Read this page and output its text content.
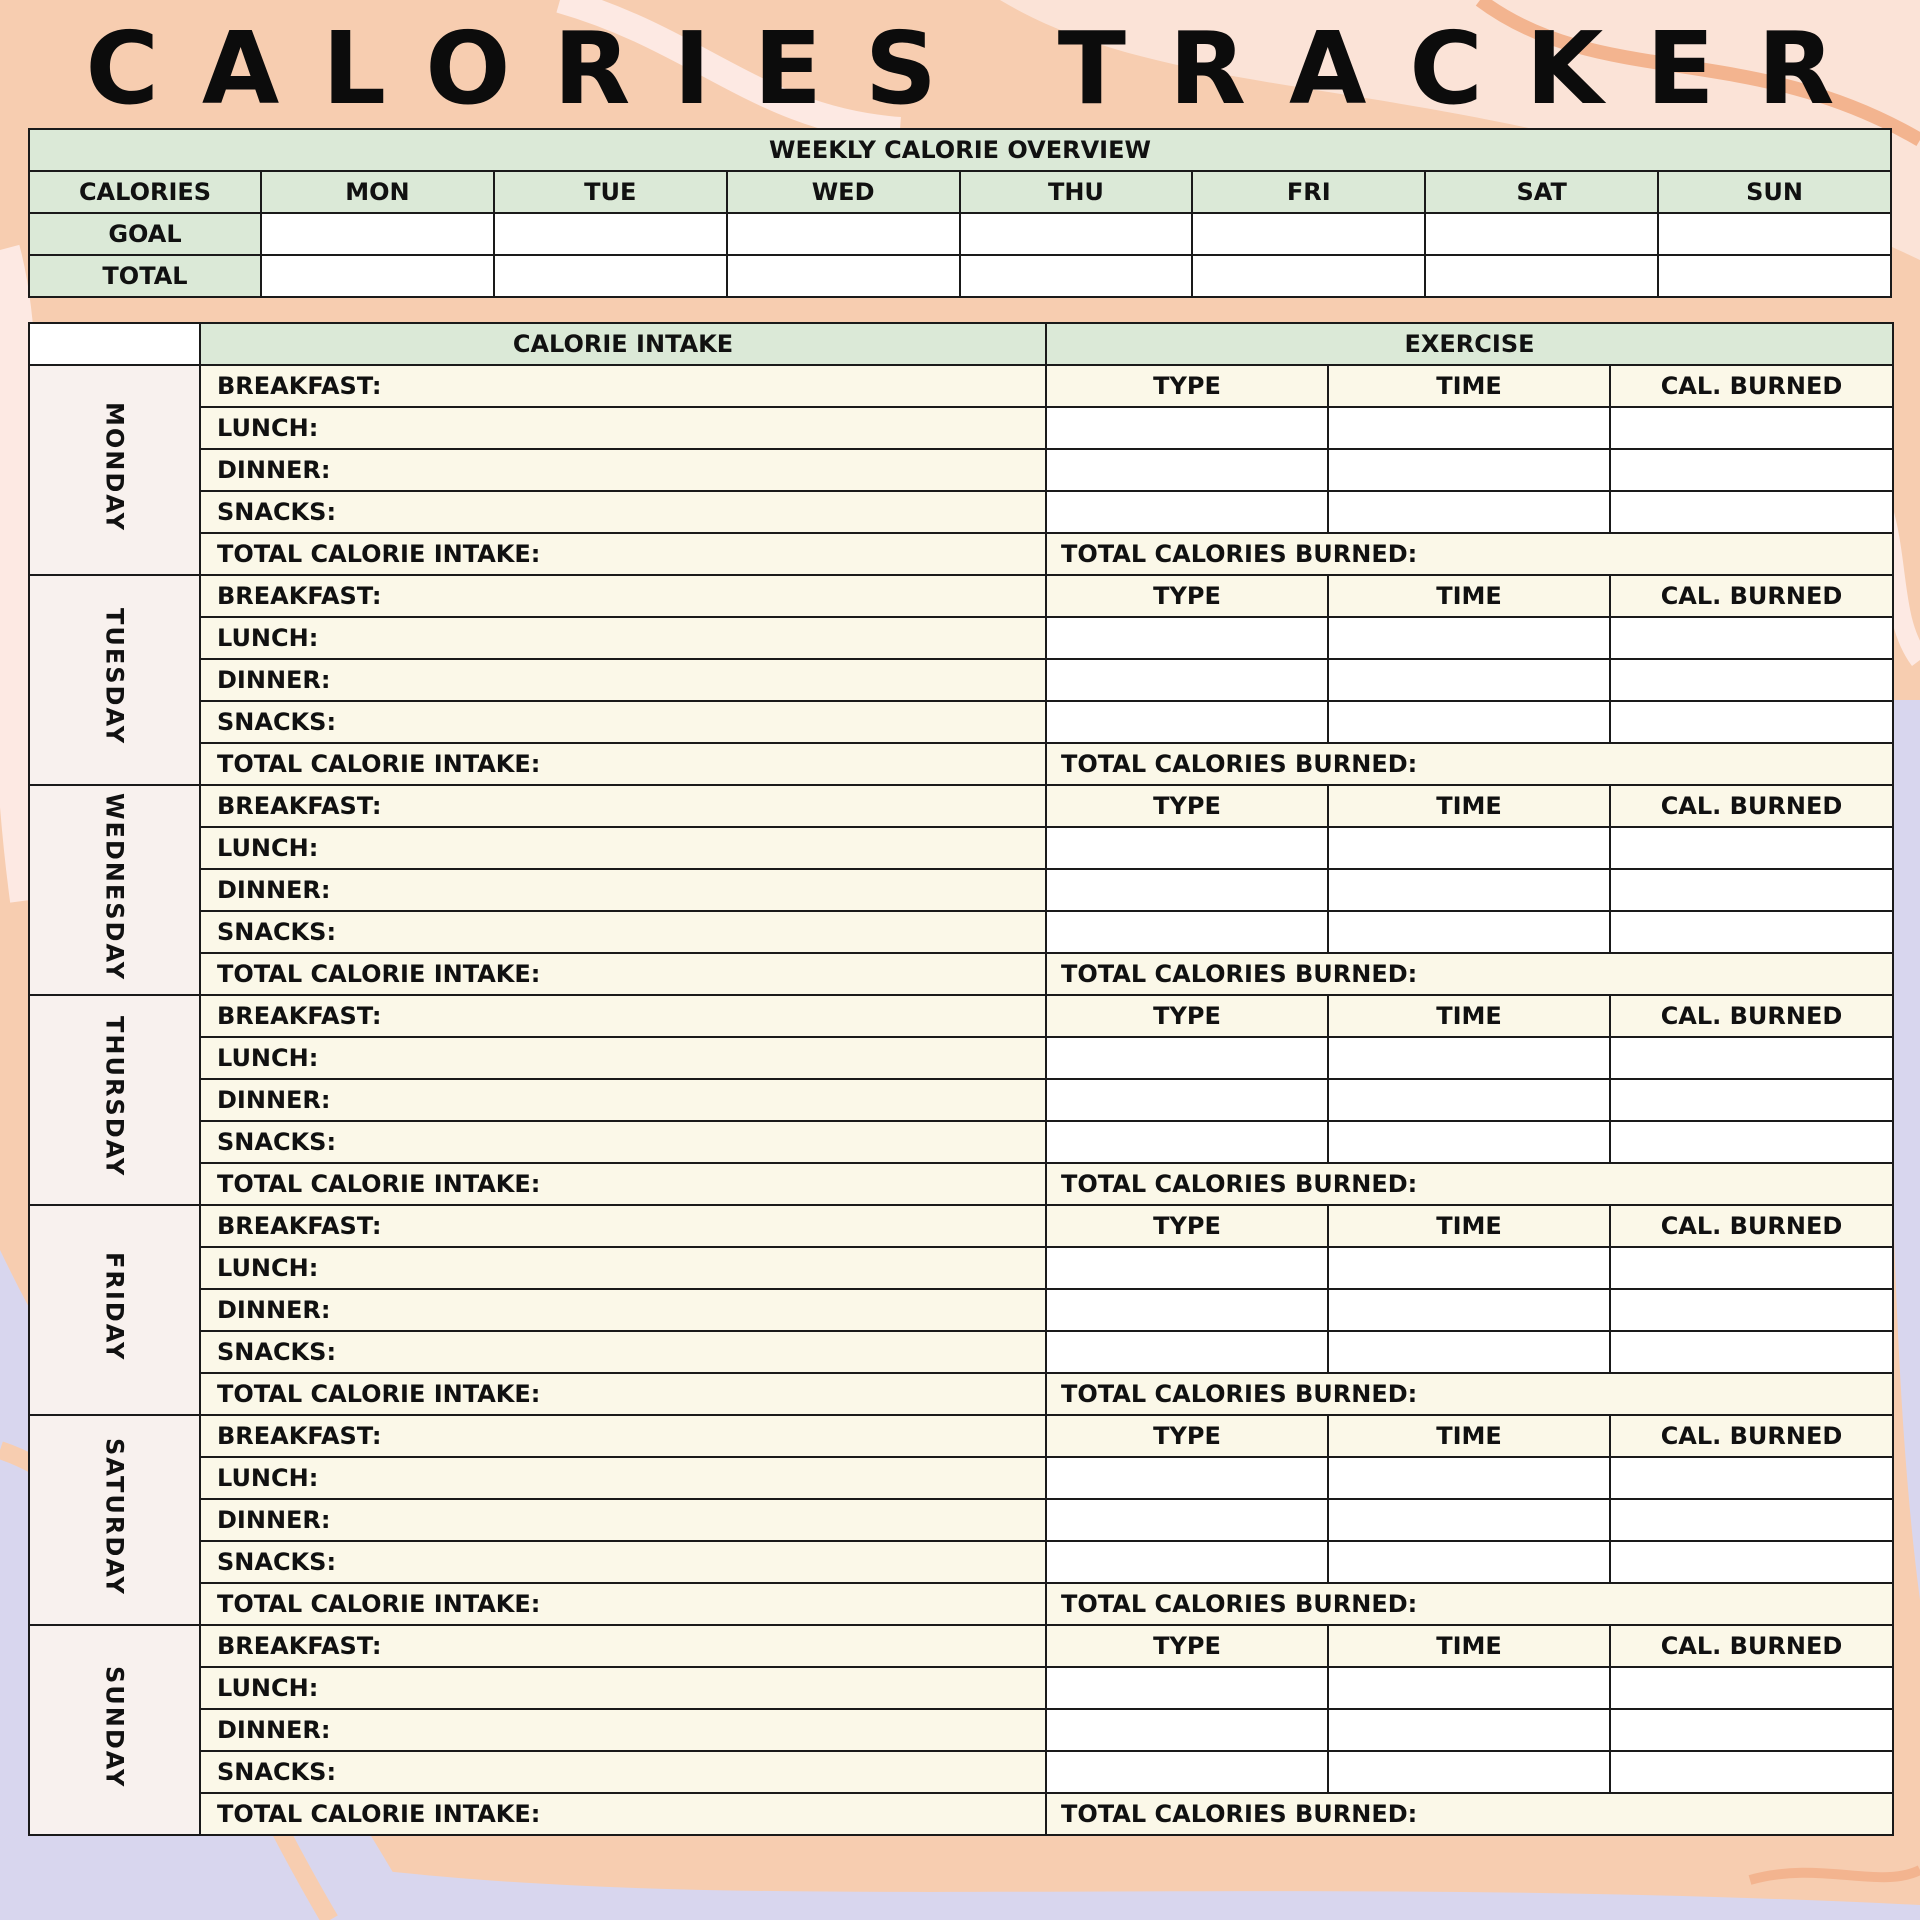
CALORIES TRACKER
WEEKLY CALORIE OVERVIEW							
CALORIES	MON	TUE	WED	THU	FRI	SAT	SUN
GOAL							
TOTAL							
	CALORIE INTAKE	EXERCISE		
MONDAY	BREAKFAST:	TYPE	TIME	CAL. BURNED
	LUNCH:			
	DINNER:			
	SNACKS:			
	TOTAL CALORIE INTAKE:	TOTAL CALORIES BURNED:		
TUESDAY	BREAKFAST:	TYPE	TIME	CAL. BURNED
	LUNCH:			
	DINNER:			
	SNACKS:			
	TOTAL CALORIE INTAKE:	TOTAL CALORIES BURNED:		
WEDNESDAY	BREAKFAST:	TYPE	TIME	CAL. BURNED
	LUNCH:			
	DINNER:			
	SNACKS:			
	TOTAL CALORIE INTAKE:	TOTAL CALORIES BURNED:		
THURSDAY	BREAKFAST:	TYPE	TIME	CAL. BURNED
	LUNCH:			
	DINNER:			
	SNACKS:			
	TOTAL CALORIE INTAKE:	TOTAL CALORIES BURNED:		
FRIDAY	BREAKFAST:	TYPE	TIME	CAL. BURNED
	LUNCH:			
	DINNER:			
	SNACKS:			
	TOTAL CALORIE INTAKE:	TOTAL CALORIES BURNED:		
SATURDAY	BREAKFAST:	TYPE	TIME	CAL. BURNED
	LUNCH:			
	DINNER:			
	SNACKS:			
	TOTAL CALORIE INTAKE:	TOTAL CALORIES BURNED:		
SUNDAY	BREAKFAST:	TYPE	TIME	CAL. BURNED
	LUNCH:			
	DINNER:			
	SNACKS:			
	TOTAL CALORIE INTAKE:	TOTAL CALORIES BURNED:		
